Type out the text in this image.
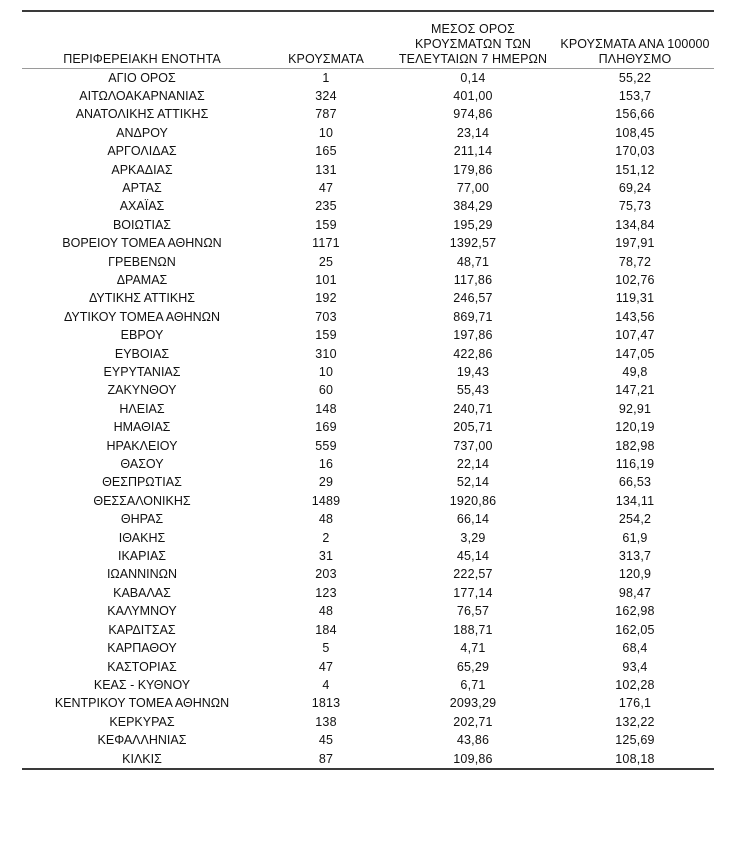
ΠΕΡΙΦΕΡΕΙΑΚΗ ΕΝΟΤΗΤΑ	ΚΡΟΥΣΜΑΤΑ	ΜΕΣΟΣ ΟΡΟΣ
ΚΡΟΥΣΜΑΤΩΝ ΤΩΝ
ΤΕΛΕΥΤΑΙΩΝ 7 ΗΜΕΡΩΝ	ΚΡΟΥΣΜΑΤΑ ΑΝΑ 100000
ΠΛΗΘΥΣΜΟ

ΑΓΙΟ ΟΡΟΣ	1	0,14	55,22
ΑΙΤΩΛΟΑΚΑΡΝΑΝΙΑΣ	324	401,00	153,7
ΑΝΑΤΟΛΙΚΗΣ ΑΤΤΙΚΗΣ	787	974,86	156,66
ΑΝΔΡΟΥ	10	23,14	108,45
ΑΡΓΟΛΙΔΑΣ	165	211,14	170,03
ΑΡΚΑΔΙΑΣ	131	179,86	151,12
ΑΡΤΑΣ	47	77,00	69,24
ΑΧΑΪΑΣ	235	384,29	75,73
ΒΟΙΩΤΙΑΣ	159	195,29	134,84
ΒΟΡΕΙΟΥ ΤΟΜΕΑ ΑΘΗΝΩΝ	1171	1392,57	197,91
ΓΡΕΒΕΝΩΝ	25	48,71	78,72
ΔΡΑΜΑΣ	101	117,86	102,76
ΔΥΤΙΚΗΣ ΑΤΤΙΚΗΣ	192	246,57	119,31
ΔΥΤΙΚΟΥ ΤΟΜΕΑ ΑΘΗΝΩΝ	703	869,71	143,56
ΕΒΡΟΥ	159	197,86	107,47
ΕΥΒΟΙΑΣ	310	422,86	147,05
ΕΥΡΥΤΑΝΙΑΣ	10	19,43	49,8
ΖΑΚΥΝΘΟΥ	60	55,43	147,21
ΗΛΕΙΑΣ	148	240,71	92,91
ΗΜΑΘΙΑΣ	169	205,71	120,19
ΗΡΑΚΛΕΙΟΥ	559	737,00	182,98
ΘΑΣΟΥ	16	22,14	116,19
ΘΕΣΠΡΩΤΙΑΣ	29	52,14	66,53
ΘΕΣΣΑΛΟΝΙΚΗΣ	1489	1920,86	134,11
ΘΗΡΑΣ	48	66,14	254,2
ΙΘΑΚΗΣ	2	3,29	61,9
ΙΚΑΡΙΑΣ	31	45,14	313,7
ΙΩΑΝΝΙΝΩΝ	203	222,57	120,9
ΚΑΒΑΛΑΣ	123	177,14	98,47
ΚΑΛΥΜΝΟΥ	48	76,57	162,98
ΚΑΡΔΙΤΣΑΣ	184	188,71	162,05
ΚΑΡΠΑΘΟΥ	5	4,71	68,4
ΚΑΣΤΟΡΙΑΣ	47	65,29	93,4
ΚΕΑΣ - ΚΥΘΝΟΥ	4	6,71	102,28
ΚΕΝΤΡΙΚΟΥ ΤΟΜΕΑ ΑΘΗΝΩΝ	1813	2093,29	176,1
ΚΕΡΚΥΡΑΣ	138	202,71	132,22
ΚΕΦΑΛΛΗΝΙΑΣ	45	43,86	125,69
ΚΙΛΚΙΣ	87	109,86	108,18
